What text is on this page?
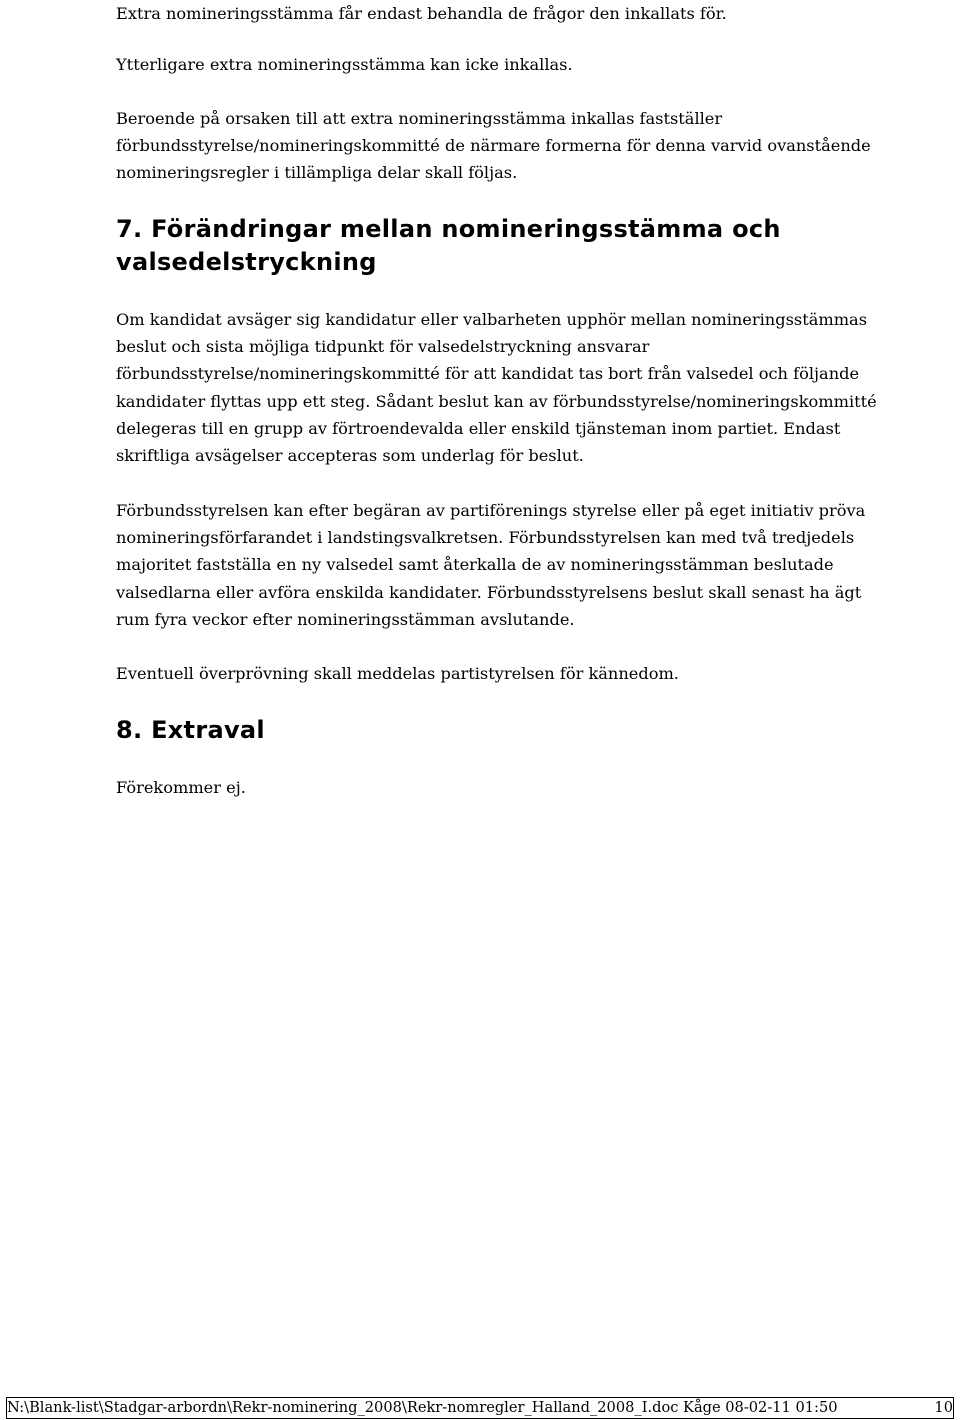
Extra nomineringsstämma får endast behandla de frågor den inkallats för.
Ytterligare extra nomineringsstämma kan icke inkallas.
Beroende på orsaken till att extra nomineringsstämma inkallas fastställer
förbundsstyrelse/nomineringskommitté de närmare formerna för denna varvid ovanstående
nomineringsregler i tillämpliga delar skall följas.
7. Förändringar mellan nomineringsstämma och
valsedelstryckning
Om kandidat avsäger sig kandidatur eller valbarheten upphör mellan nomineringsstämmas
beslut och sista möjliga tidpunkt för valsedelstryckning ansvarar
förbundsstyrelse/nomineringskommitté för att kandidat tas bort från valsedel och följande
kandidater flyttas upp ett steg. Sådant beslut kan av förbundsstyrelse/nomineringskommitté
delegeras till en grupp av förtroendevalda eller enskild tjänsteman inom partiet. Endast
skriftliga avsägelser accepteras som underlag för beslut.
Förbundsstyrelsen kan efter begäran av partiförenings styrelse eller på eget initiativ pröva
nomineringsförfarandet i landstingsvalkretsen. Förbundsstyrelsen kan med två tredjedels
majoritet fastställa en ny valsedel samt återkalla de av nomineringsstämman beslutade
valsedlarna eller avföra enskilda kandidater. Förbundsstyrelsens beslut skall senast ha ägt
rum fyra veckor efter nomineringsstämman avslutande.
Eventuell överprövning skall meddelas partistyrelsen för kännedom.
8. Extraval
Förekommer ej.
N:\Blank-list\Stadgar-arbordn\Rekr-nominering_2008\Rekr-nomregler_Halland_2008_I.doc Kåge 08-02-11 01:50	10
